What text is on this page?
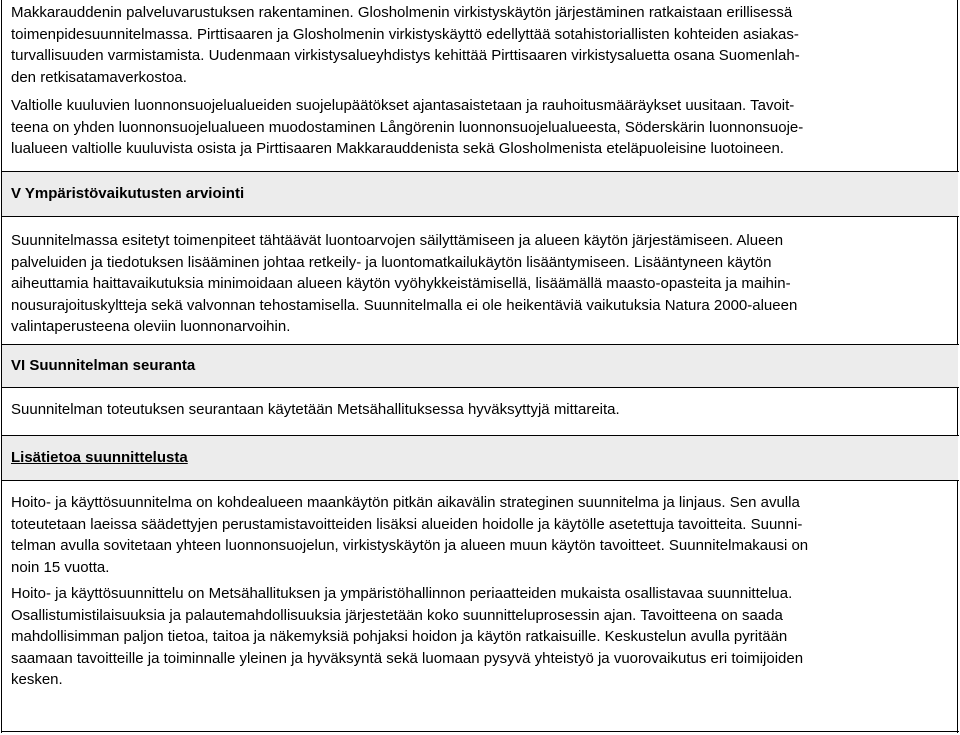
Makkarauddenin palveluvarustuksen rakentaminen. Glosholmenin virkistyskäytön järjestäminen ratkaistaan erillisessä
toimenpidesuunnitelmassa. Pirttisaaren ja Glosholmenin virkistyskäyttö edellyttää sotahistoriallisten kohteiden asiakas-
turvallisuuden varmistamista. Uudenmaan virkistysalueyhdistys kehittää Pirttisaaren virkistysaluetta osana Suomenlah-
den retkisatamaverkostoa.
Valtiolle kuuluvien luonnonsuojelualueiden suojelupäätökset ajantasaistetaan ja rauhoitusmääräykset uusitaan. Tavoit-
teena on yhden luonnonsuojelualueen muodostaminen Långörenin luonnonsuojelualueesta, Söderskärin luonnonsuoje-
lualueen valtiolle kuuluvista osista ja Pirttisaaren Makkarauddenista sekä Glosholmenista eteläpuoleisine luotoineen.
V Ympäristövaikutusten arviointi
Suunnitelmassa esitetyt toimenpiteet tähtäävät luontoarvojen säilyttämiseen ja alueen käytön järjestämiseen. Alueen
palveluiden ja tiedotuksen lisääminen johtaa retkeily- ja luontomatkailukäytön lisääntymiseen. Lisääntyneen käytön
aiheuttamia haittavaikutuksia minimoidaan alueen käytön vyöhykkeistämisellä, lisäämällä maasto-opasteita ja maihin-
nousurajoituskyltteja sekä valvonnan tehostamisella. Suunnitelmalla ei ole heikentäviä vaikutuksia Natura 2000-alueen
valintaperusteena oleviin luonnonarvoihin.
VI Suunnitelman seuranta
Suunnitelman toteutuksen seurantaan käytetään Metsähallituksessa hyväksyttyjä mittareita.
Lisätietoa suunnittelusta
Hoito- ja käyttösuunnitelma on kohdealueen maankäytön pitkän aikavälin strateginen suunnitelma ja linjaus. Sen avulla
toteutetaan laeissa säädettyjen perustamistavoitteiden lisäksi alueiden hoidolle ja käytölle asetettuja tavoitteita. Suunni-
telman avulla sovitetaan yhteen luonnonsuojelun, virkistyskäytön ja alueen muun käytön tavoitteet. Suunnitelmakausi on
noin 15 vuotta.
Hoito- ja käyttösuunnittelu on Metsähallituksen ja ympäristöhallinnon periaatteiden mukaista osallistavaa suunnittelua.
Osallistumistilaisuuksia ja palautemahdollisuuksia järjestetään koko suunnitteluprosessin ajan. Tavoitteena on saada
mahdollisimman paljon tietoa, taitoa ja näkemyksiä pohjaksi hoidon ja käytön ratkaisuille. Keskustelun avulla pyritään
saamaan tavoitteille ja toiminnalle yleinen ja hyväksyntä sekä luomaan pysyvä yhteistyö ja vuorovaikutus eri toimijoiden
kesken.
